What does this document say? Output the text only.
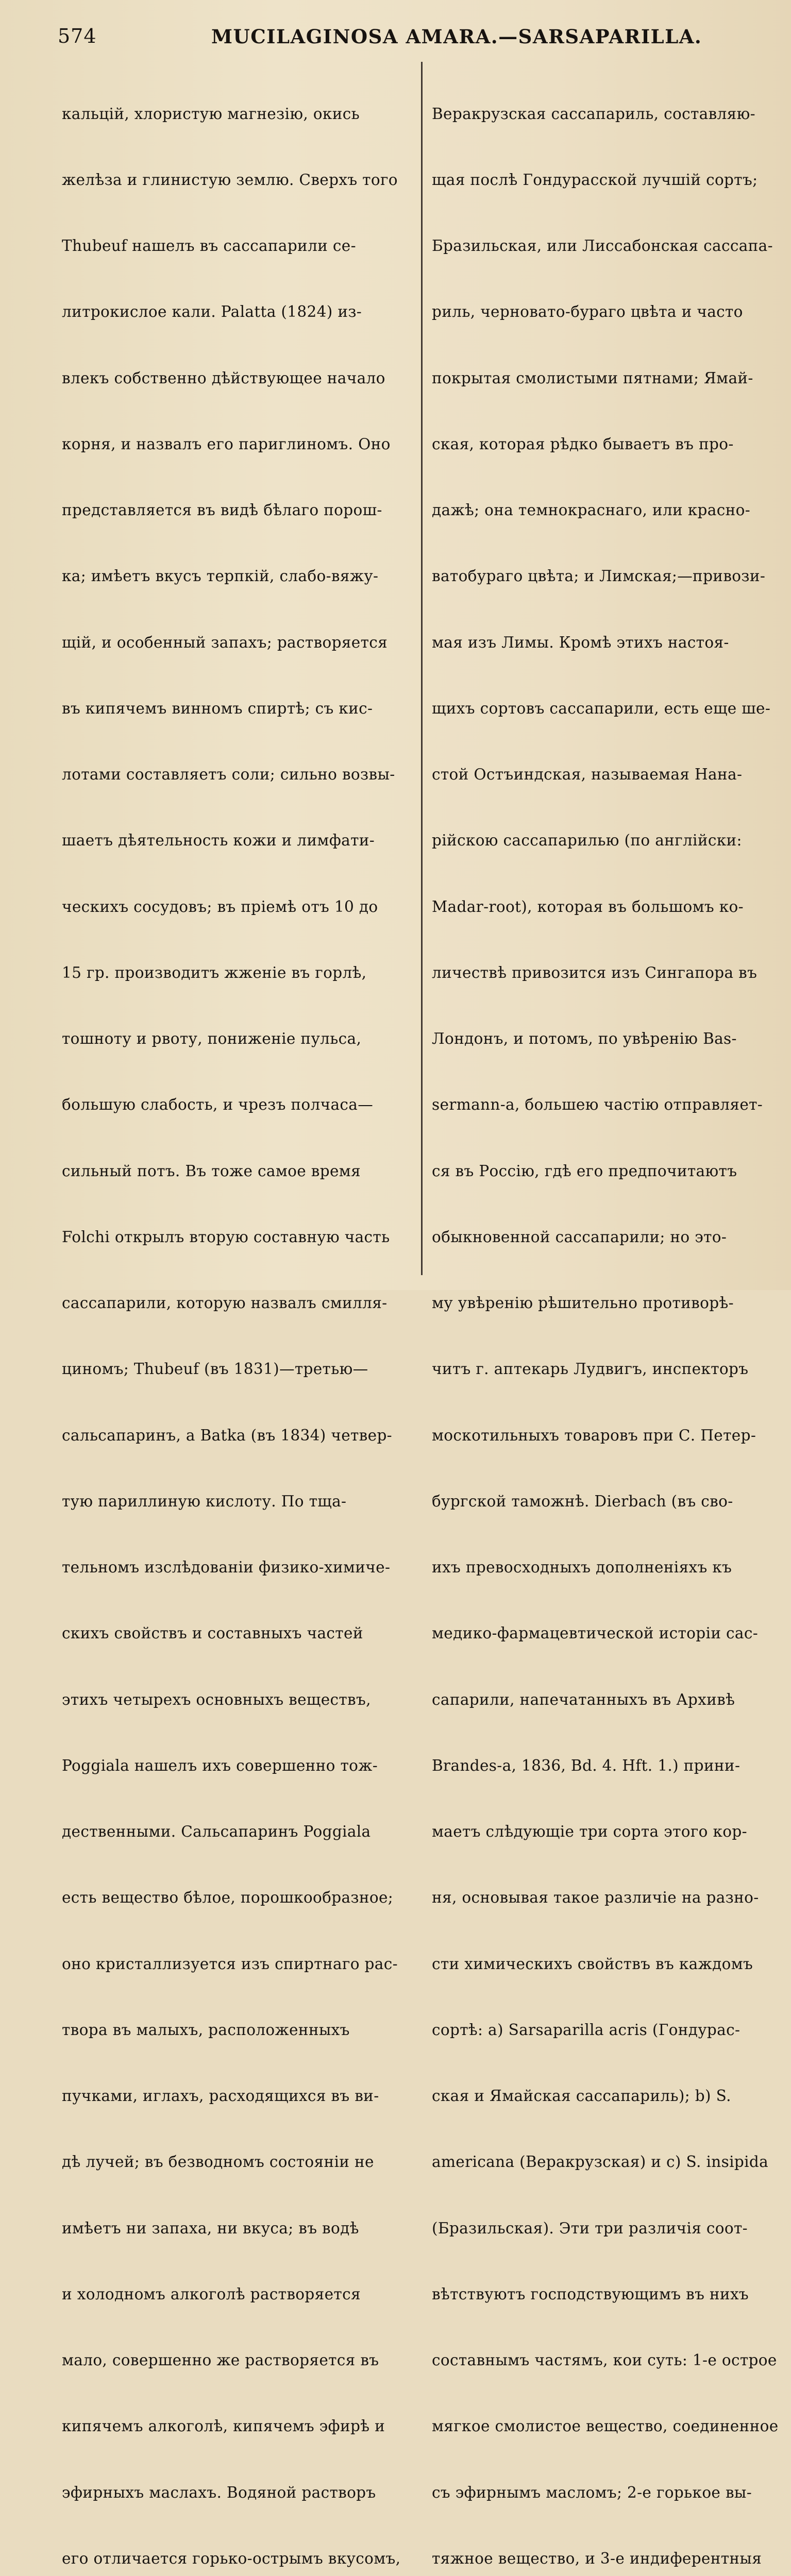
574	MUCILAGINOSA AMARA.—SARSAPARILLA.

кальцій, хлористую магнезію, окись

желѣза и глинистую землю. Сверхъ того

Thubeuf нашелъ въ сассапарили се-

литрокислое кали. Palatta (1824) из-

влекъ собственно дѣйствующее начало

корня, и назвалъ его париглиномъ. Оно

представляется въ видѣ бѣлаго порош-

ка; имѣетъ вкусъ терпкій, слабо-вяжу-

щій, и особенный запахъ; растворяется

въ кипячемъ винномъ спиртѣ; съ кис-

лотами составляетъ соли; сильно возвы-

шаетъ дѣятельность кожи и лимфати-

ческихъ сосудовъ; въ пріемѣ отъ 10 до

15 гр. производитъ жженіе въ горлѣ,

тошноту и рвоту, пониженіе пульса,

большую слабость, и чрезъ полчаса—

сильный потъ. Въ тоже самое время

Folchi открылъ вторую составную часть

сассапарили, которую назвалъ смилля-

циномъ; Thubeuf (въ 1831)—третью—

сальсапаринъ, а Batka (въ 1834) четвер-

тую париллиную кислоту. По тща-

тельномъ изслѣдованіи физико-химиче-

скихъ свойствъ и составныхъ частей

этихъ четырехъ основныхъ веществъ,

Poggiala нашелъ ихъ совершенно тож-

дественными. Сальсапаринъ Poggiala

есть вещество бѣлое, порошкообразное;

оно кристаллизуется изъ спиртнаго рас-

твора въ малыхъ, расположенныхъ

пучками, иглахъ, расходящихся въ ви-

дѣ лучей; въ безводномъ состояніи не

имѣетъ ни запаха, ни вкуса; въ водѣ

и холодномъ алкоголѣ растворяется

мало, совершенно же растворяется въ

кипячемъ алкоголѣ, кипячемъ эфирѣ и

эфирныхъ маслахъ. Водяной растворъ

его отличается горько-острымъ вкусомъ,

Веракрузская сассапариль, составляю-

щая послѣ Гондурасской лучшій сортъ;

Бразильская, или Лиссабонская сассапа-

риль, черновато-бураго цвѣта и часто

покрытая смолистыми пятнами; Ямай-

ская, которая рѣдко бываетъ въ про-

дажѣ; она темнокраснаго, или красно-

ватобураго цвѣта; и Лимская;—привози-

мая изъ Лимы. Кромѣ этихъ настоя-

щихъ сортовъ сассапарили, есть еще ше-

стой Остъиндская, называемая Нана-

рійскою сассапарилью (по англійски:

Madar-root), которая въ большомъ ко-

личествѣ привозится изъ Сингапора въ

Лондонъ, и потомъ, по увѣренію Bas-

sermann-а, большею частію отправляет-

ся въ Россію, гдѣ его предпочитаютъ

обыкновенной сассапарили; но это-

му увѣренію рѣшительно противорѣ-

читъ г. аптекарь Лудвигъ, инспекторъ

москотильныхъ товаровъ при С. Петер-

бургской таможнѣ. Dierbach (въ сво-

ихъ превосходныхъ дополненіяхъ къ

медико-фармацевтической исторіи сас-

сапарили, напечатанныхъ въ Архивѣ

Brandes-а, 1836, Bd. 4. Hft. 1.) прини-

маетъ слѣдующіе три сорта этого кор-

ня, основывая такое различіе на разно-

сти химическихъ свойствъ въ каждомъ

сортѣ: a) Sarsaparilla acris (Гондурас-

ская и Ямайская сассапариль); b) S.

americana (Веракрузская) и c) S. insipida

(Бразильская). Эти три различія соот-

вѣтствуютъ господствующимъ въ нихъ

составнымъ частямъ, кои суть: 1-е острое

мягкое смолистое вещество, соединенное

съ эфирнымъ масломъ; 2-е горькое вы-

тяжное вещество, и 3-е индиферентныя
